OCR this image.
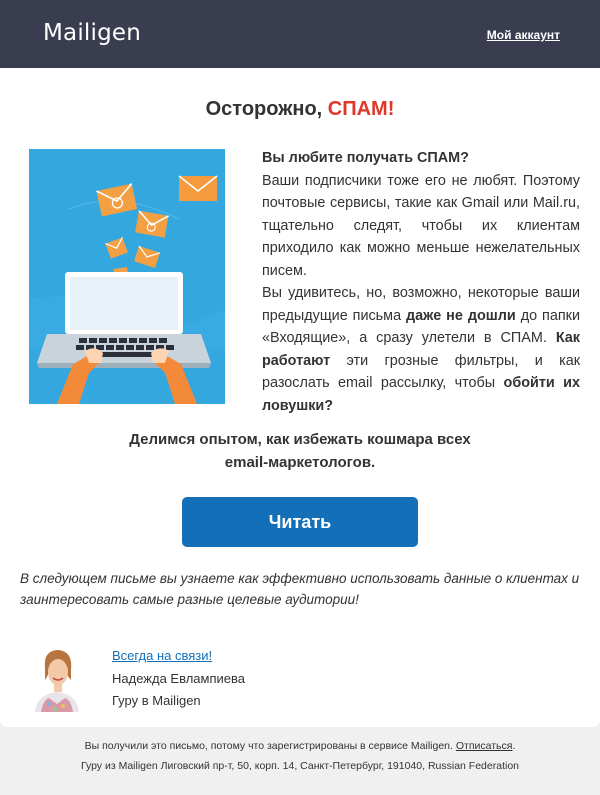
Mailigen	Мой аккаунт
Осторожно, СПАМ!

Вы любите получать СПАМ?
Ваши подписчики тоже его не любят. Поэтому почтовые сервисы, такие как Gmail или Mail.ru, тщательно следят, чтобы их клиентам приходило как можно меньше нежелательных писем.

Вы удивитесь, но, возможно, некоторые ваши предыдущие письма даже не дошли до папки «Входящие», а сразу улетели в СПАМ. Как работают эти грозные фильтры, и как разослать email рассылку, чтобы обойти их ловушки?

Делимся опытом, как избежать кошмара всех
email-маркетологов.
Читать
В следующем письме вы узнаете как эффективно использовать данные о клиентах и заинтересовать самые разные целевые аудитории!
Всегда на связи!
Надежда Евлампиева
Гуру в Mailigen
Вы получили это письмо, потому что зарегистрированы в сервисе Mailigen. Отписаться.
Гуру из Mailigen Лиговский пр-т, 50, корп. 14, Санкт-Петербург, 191040, Russian Federation
